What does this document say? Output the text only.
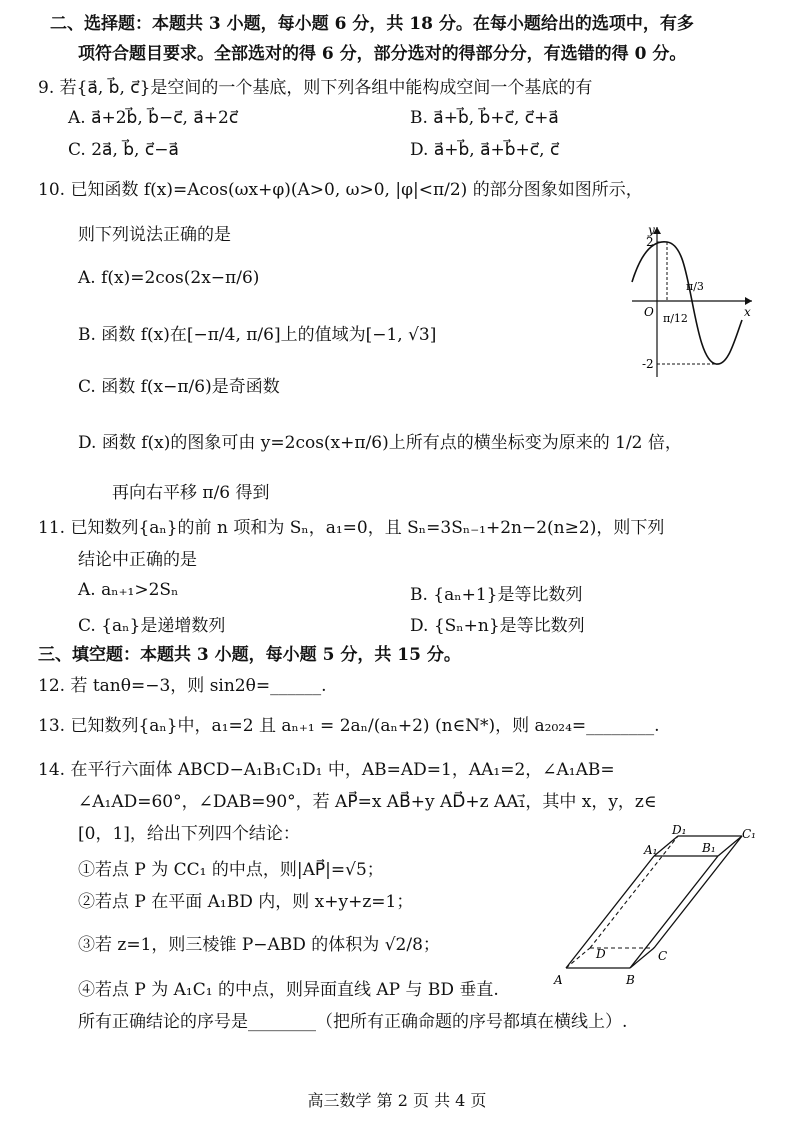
二、选择题：本题共 3 小题，每小题 6 分，共 18 分。在每小题给出的选项中，有多
项符合题目要求。全部选对的得 6 分，部分选对的得部分分，有选错的得 0 分。
9. 若{a⃗, b⃗, c⃗}是空间的一个基底，则下列各组中能构成空间一个基底的有
A. a⃗+2b⃗, b⃗−c⃗, a⃗+2c⃗	B. a⃗+b⃗, b⃗+c⃗, c⃗+a⃗
C. 2a⃗, b⃗, c⃗−a⃗	D. a⃗+b⃗, a⃗+b⃗+c⃗, c⃗
10. 已知函数 f(x)=Acos(ωx+φ)(A>0, ω>0, |φ|<π/2) 的部分图象如图所示，
则下列说法正确的是
A. f(x)=2cos(2x−π/6)
B. 函数 f(x)在[−π/4, π/6]上的值域为[−1, √3]
C. 函数 f(x−π/6)是奇函数
D. 函数 f(x)的图象可由 y=2cos(x+π/6)上所有点的横坐标变为原来的 1/2 倍，
再向右平移 π/6 得到
y
x
O
2
-2
π/12
π/3
11. 已知数列{aₙ}的前 n 项和为 Sₙ，a₁=0，且 Sₙ=3Sₙ₋₁+2n−2(n≥2)，则下列
结论中正确的是
A. aₙ₊₁>2Sₙ	B. {aₙ+1}是等比数列
C. {aₙ}是递增数列	D. {Sₙ+n}是等比数列
三、填空题：本题共 3 小题，每小题 5 分，共 15 分。
12. 若 tanθ=−3，则 sin2θ=______.
13. 已知数列{aₙ}中，a₁=2 且 aₙ₊₁ = 2aₙ/(aₙ+2) (n∈N*)，则 a₂₀₂₄=________.
14. 在平行六面体 ABCD−A₁B₁C₁D₁ 中，AB=AD=1，AA₁=2，∠A₁AB=
∠A₁AD=60°，∠DAB=90°，若 AP⃗=x AB⃗+y AD⃗+z AA₁⃗，其中 x，y，z∈
[0，1]，给出下列四个结论：
①若点 P 为 CC₁ 的中点，则|AP⃗|=√5；
②若点 P 在平面 A₁BD 内，则 x+y+z=1；
③若 z=1，则三棱锥 P−ABD 的体积为 √2/8；
④若点 P 为 A₁C₁ 的中点，则异面直线 AP 与 BD 垂直.
所有正确结论的序号是________（把所有正确命题的序号都填在横线上）.
A	B
C
D
A₁	B₁
C₁
D₁
高三数学 第 2 页 共 4 页
